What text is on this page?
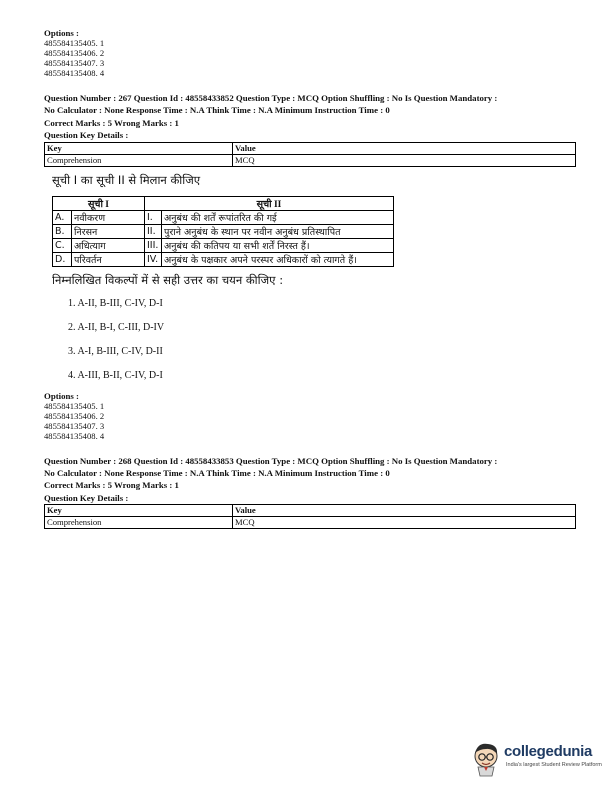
Options :
485584135405. 1
485584135406. 2
485584135407. 3
485584135408. 4
Question Number : 267 Question Id : 48558433852 Question Type : MCQ Option Shuffling : No Is Question Mandatory :
No Calculator : None Response Time : N.A Think Time : N.A Minimum Instruction Time : 0
Correct Marks : 5 Wrong Marks : 1
Question Key Details :
Key	Value
Comprehension	MCQ
सूची I का सूची II से मिलान कीजिए
सूची I		सूची II	
A.	नवीकरण	I.	अनुबंध की शर्तें रूपांतरित की गई
B.	निरसन	II.	पुराने अनुबंध के स्थान पर नवीन अनुबंध प्रतिस्थापित
C.	अधित्याग	III.	अनुबंध की कतिपय या सभी शर्तें निरस्त हैं।
D.	परिवर्तन	IV.	अनुबंध के पक्षकार अपने परस्पर अधिकारों को त्यागते हैं।
निम्नलिखित विकल्पों में से सही उत्तर का चयन कीजिए :
1. A-II, B-III, C-IV, D-I
2. A-II, B-I, C-III, D-IV
3. A-I, B-III, C-IV, D-II
4. A-III, B-II, C-IV, D-I
Options :
485584135405. 1
485584135406. 2
485584135407. 3
485584135408. 4
Question Number : 268 Question Id : 48558433853 Question Type : MCQ Option Shuffling : No Is Question Mandatory :
No Calculator : None Response Time : N.A Think Time : N.A Minimum Instruction Time : 0
Correct Marks : 5 Wrong Marks : 1
Question Key Details :
Key	Value
Comprehension	MCQ
collegedunia
India's largest Student Review Platform
